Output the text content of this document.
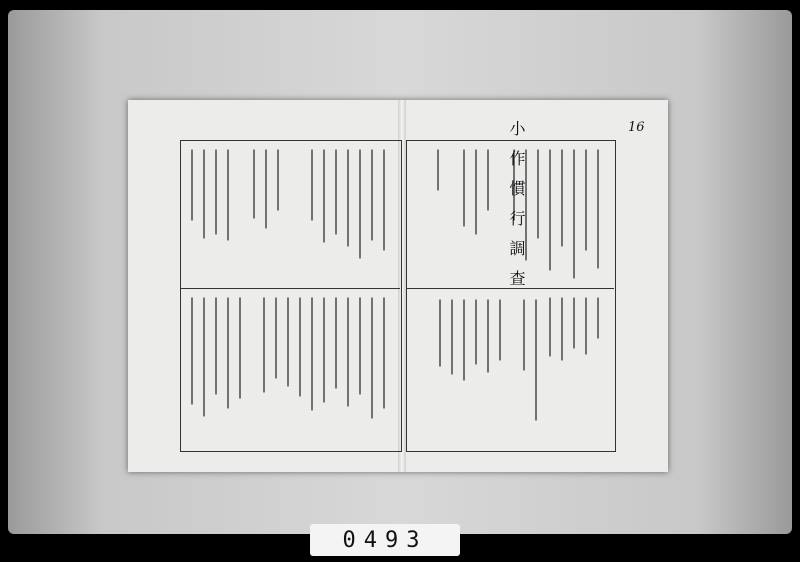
小作慣行調查	16
0493
